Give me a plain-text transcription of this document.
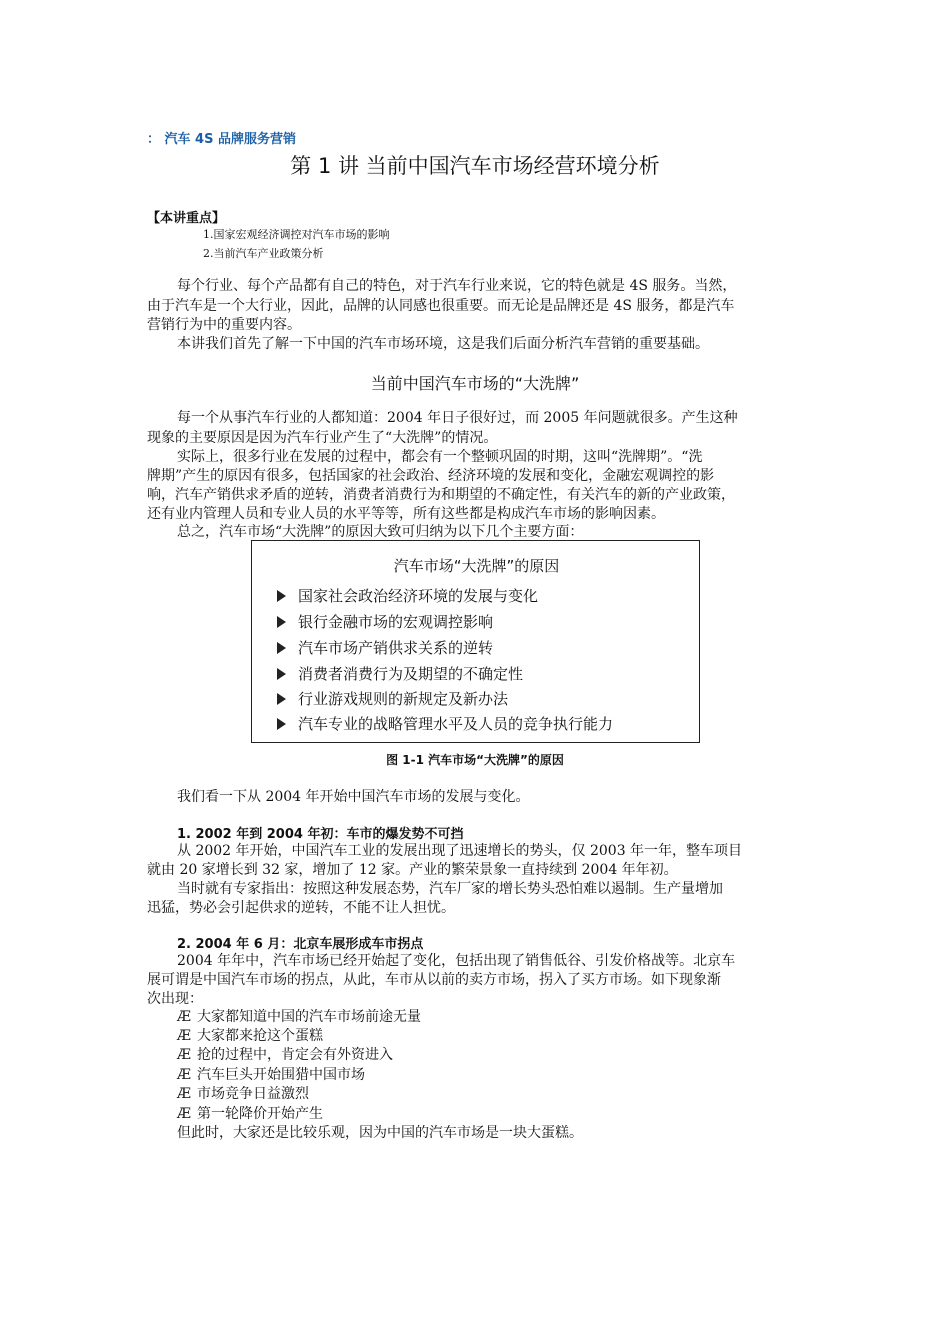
： 汽车 4S 品牌服务营销
第 1 讲 当前中国汽车市场经营环境分析
【本讲重点】
1.国家宏观经济调控对汽车市场的影响
2.当前汽车产业政策分析
每个行业、每个产品都有自己的特色，对于汽车行业来说，它的特色就是 4S 服务。当然，
由于汽车是一个大行业，因此，品牌的认同感也很重要。而无论是品牌还是 4S 服务，都是汽车
营销行为中的重要内容。
本讲我们首先了解一下中国的汽车市场环境，这是我们后面分析汽车营销的重要基础。
当前中国汽车市场的“大洗牌”
每一个从事汽车行业的人都知道：2004 年日子很好过，而 2005 年问题就很多。产生这种
现象的主要原因是因为汽车行业产生了“大洗牌”的情况。
实际上，很多行业在发展的过程中，都会有一个整顿巩固的时期，这叫“洗牌期”。“洗
牌期”产生的原因有很多，包括国家的社会政治、经济环境的发展和变化，金融宏观调控的影
响，汽车产销供求矛盾的逆转，消费者消费行为和期望的不确定性，有关汽车的新的产业政策，
还有业内管理人员和专业人员的水平等等，所有这些都是构成汽车市场的影响因素。
总之，汽车市场“大洗牌”的原因大致可归纳为以下几个主要方面：
汽车市场“大洗牌”的原因
国家社会政治经济环境的发展与变化
银行金融市场的宏观调控影响
汽车市场产销供求关系的逆转
消费者消费行为及期望的不确定性
行业游戏规则的新规定及新办法
汽车专业的战略管理水平及人员的竞争执行能力
图 1-1 汽车市场“大洗牌”的原因
我们看一下从 2004 年开始中国汽车市场的发展与变化。
1. 2002 年到 2004 年初：车市的爆发势不可挡
从 2002 年开始，中国汽车工业的发展出现了迅速增长的势头，仅 2003 年一年，整车项目
就由 20 家增长到 32 家，增加了 12 家。产业的繁荣景象一直持续到 2004 年年初。
当时就有专家指出：按照这种发展态势，汽车厂家的增长势头恐怕难以遏制。生产量增加
迅猛，势必会引起供求的逆转，不能不让人担忧。
2. 2004 年 6 月：北京车展形成车市拐点
2004 年年中，汽车市场已经开始起了变化，包括出现了销售低谷、引发价格战等。北京车
展可谓是中国汽车市场的拐点，从此，车市从以前的卖方市场，拐入了买方市场。如下现象渐
次出现：
Æ 大家都知道中国的汽车市场前途无量
Æ 大家都来抢这个蛋糕
Æ 抢的过程中，肯定会有外资进入
Æ 汽车巨头开始围猎中国市场
Æ 市场竞争日益激烈
Æ 第一轮降价开始产生
但此时，大家还是比较乐观，因为中国的汽车市场是一块大蛋糕。
